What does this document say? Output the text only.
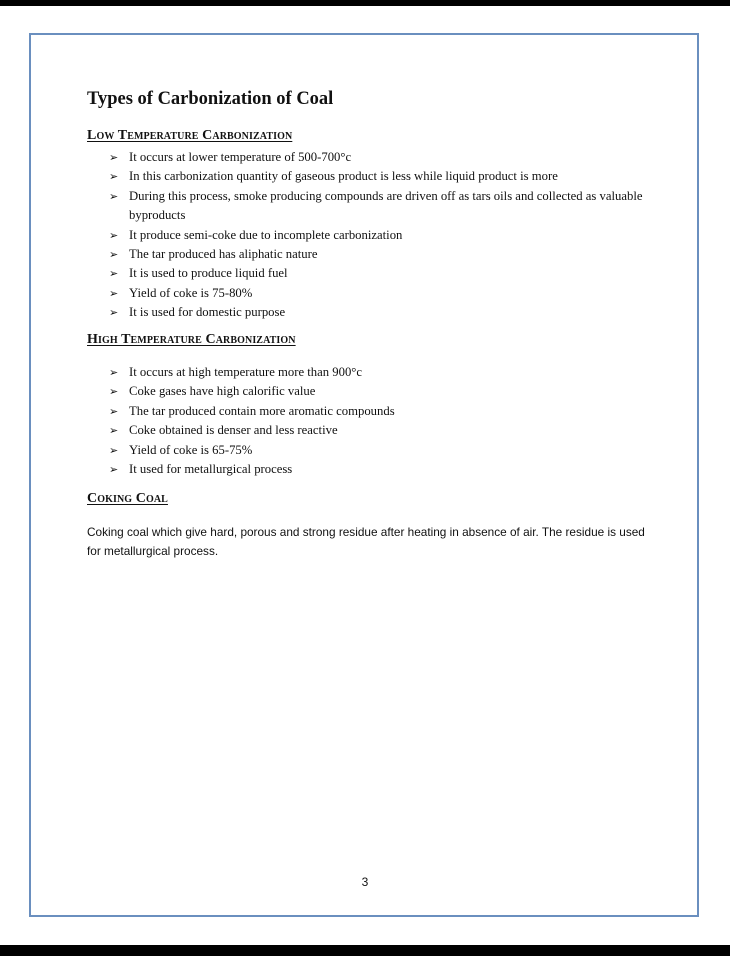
Types of Carbonization of Coal
Low Temperature Carbonization
➢ It occurs at lower temperature of 500-700°c
➢ In this carbonization quantity of gaseous product is less while liquid product is more
➢ During this process, smoke producing compounds are driven off as tars oils and collected as valuable byproducts
➢ It produce semi-coke due to incomplete carbonization
➢ The tar produced has aliphatic nature
➢ It is used to produce liquid fuel
➢ Yield of coke is 75-80%
➢ It is used for domestic purpose
High Temperature Carbonization
➢ It occurs at high temperature more than 900°c
➢ Coke gases have high calorific value
➢ The tar produced contain more aromatic compounds
➢ Coke obtained is denser and less reactive
➢ Yield of coke is 65-75%
➢ It used for metallurgical process
Coking Coal

Coking coal which give hard, porous and strong residue after heating in absence of air. The residue is used for metallurgical process.

3
